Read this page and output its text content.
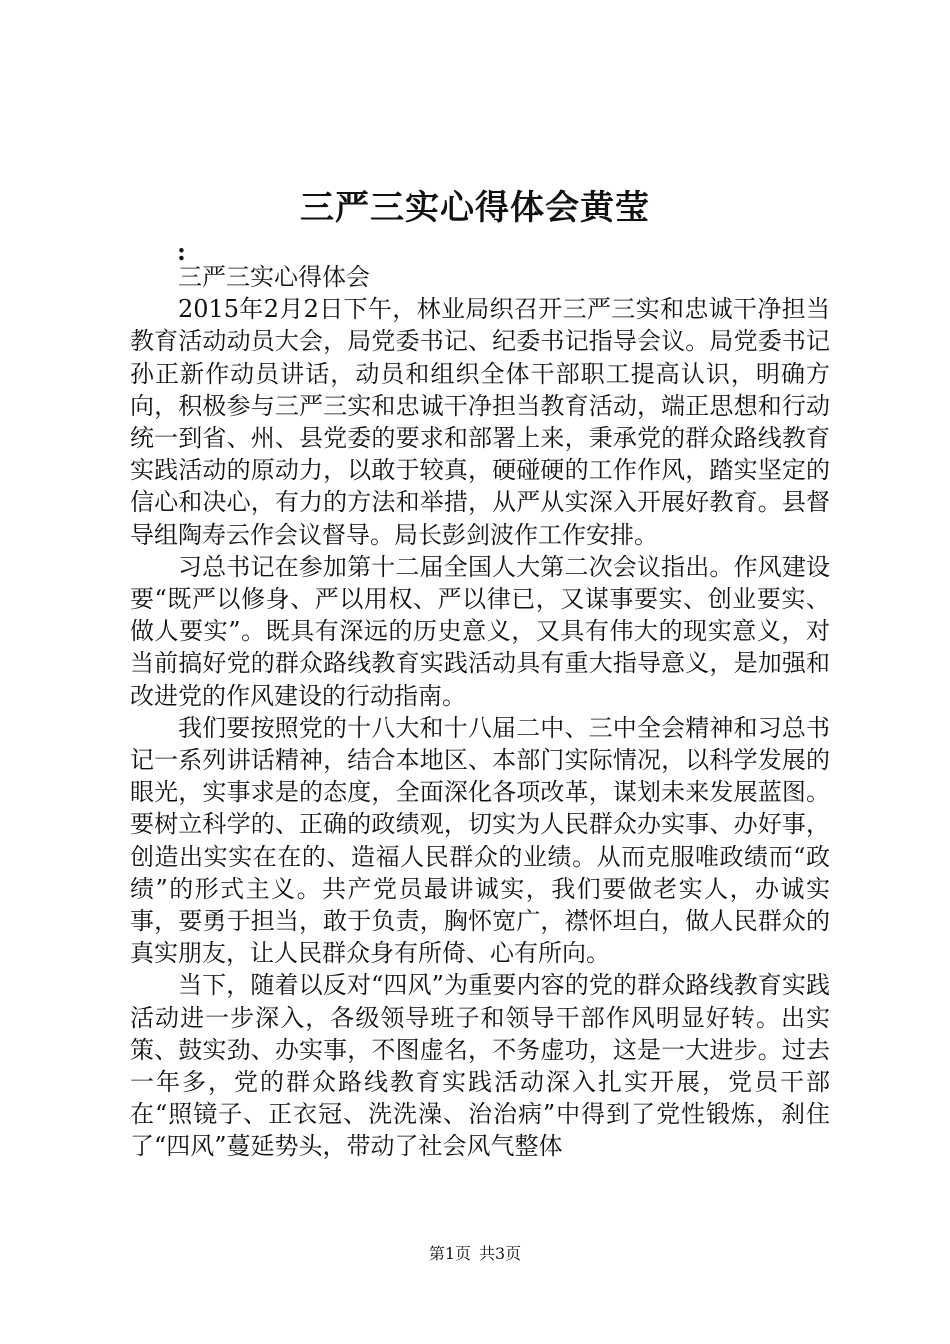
三严三实心得体会黄莹
:

三严三实心得体会

2015年2月2日下午，林业局织召开三严三实和忠诚干净担当教育活动动员大会，局党委书记、纪委书记指导会议。局党委书记孙正新作动员讲话，动员和组织全体干部职工提高认识，明确方向，积极参与三严三实和忠诚干净担当教育活动，端正思想和行动统一到省、州、县党委的要求和部署上来，秉承党的群众路线教育实践活动的原动力，以敢于较真，硬碰硬的工作作风，踏实坚定的信心和决心，有力的方法和举措，从严从实深入开展好教育。县督导组陶寿云作会议督导。局长彭剑波作工作安排。

习总书记在参加第十二届全国人大第二次会议指出。作风建设要“既严以修身、严以用权、严以律已，又谋事要实、创业要实、做人要实”。既具有深远的历史意义，又具有伟大的现实意义，对当前搞好党的群众路线教育实践活动具有重大指导意义，是加强和改进党的作风建设的行动指南。

我们要按照党的十八大和十八届二中、三中全会精神和习总书记一系列讲话精神，结合本地区、本部门实际情况，以科学发展的眼光，实事求是的态度，全面深化各项改革，谋划未来发展蓝图。要树立科学的、正确的政绩观，切实为人民群众办实事、办好事，创造出实实在在的、造福人民群众的业绩。从而克服唯政绩而“政绩”的形式主义。共产党员最讲诚实，我们要做老实人，办诚实事，要勇于担当，敢于负责，胸怀宽广，襟怀坦白，做人民群众的真实朋友，让人民群众身有所倚、心有所向。

当下，随着以反对“四风”为重要内容的党的群众路线教育实践活动进一步深入，各级领导班子和领导干部作风明显好转。出实策、鼓实劲、办实事，不图虚名，不务虚功，这是一大进步。过去一年多，党的群众路线教育实践活动深入扎实开展，党员干部在“照镜子、正衣冠、洗洗澡、治治病”中得到了党性锻炼，刹住了“四风”蔓延势头，带动了社会风气整体

第1页 共3页
